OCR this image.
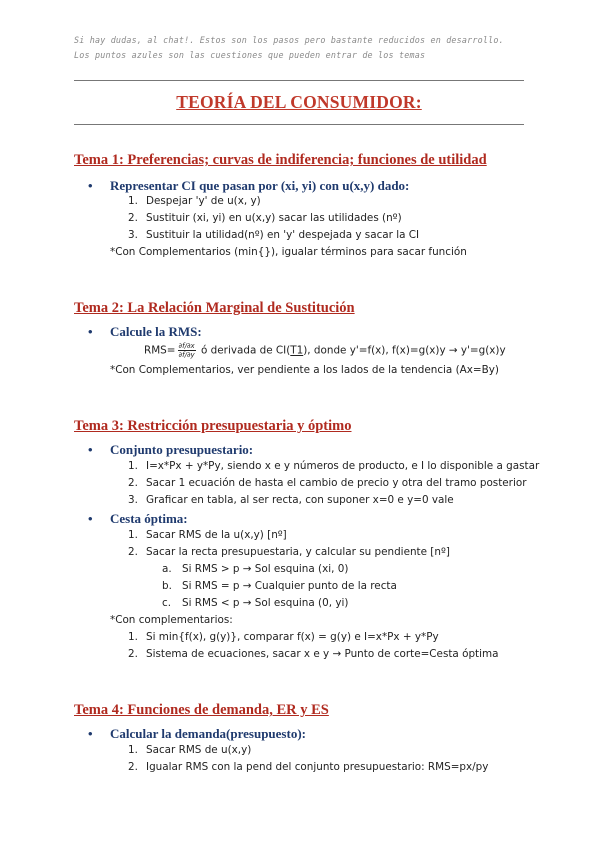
Si hay dudas, al chat!. Estos son los pasos pero bastante reducidos en desarrollo.
Los puntos azules son las cuestiones que pueden entrar de los temas
TEORÍA DEL CONSUMIDOR:
Tema 1: Preferencias; curvas de indiferencia; funciones de utilidad
• Representar CI que pasan por (xi, yi) con u(x,y) dado:
1. Despejar 'y' de u(x, y)
2. Sustituir (xi, yi) en u(x,y) sacar las utilidades (nº)
3. Sustituir la utilidad(nº) en 'y' despejada y sacar la CI
*Con Complementarios (min{}), igualar términos para sacar función
Tema 2: La Relación Marginal de Sustitución
• Calcule la RMS:
$RMS= \frac{\partial f/\partial x}{\partial f/\partial y}$ ó derivada de CI(T1), donde y'=f(x), f(x)=g(x)y → y'=g(x)y
*Con Complementarios, ver pendiente a los lados de la tendencia (Ax=By)
Tema 3: Restricción presupuestaria y óptimo
• Conjunto presupuestario:
1. I=x*Px + y*Py, siendo x e y números de producto, e I lo disponible a gastar
2. Sacar 1 ecuación de hasta el cambio de precio y otra del tramo posterior
3. Graficar en tabla, al ser recta, con suponer x=0 e y=0 vale
• Cesta óptima:
1. Sacar RMS de la u(x,y) [nº]
2. Sacar la recta presupuestaria, y calcular su pendiente [nº]
a. Si RMS > p → Sol esquina (xi, 0)
b. Si RMS = p → Cualquier punto de la recta
c. Si RMS < p → Sol esquina (0, yi)
*Con complementarios:
1. Si min{f(x), g(y)}, comparar f(x) = g(y) e I=x*Px + y*Py
2. Sistema de ecuaciones, sacar x e y → Punto de corte=Cesta óptima
Tema 4: Funciones de demanda, ER y ES
• Calcular la demanda(presupuesto):
1. Sacar RMS de u(x,y)
2. Igualar RMS con la pend del conjunto presupuestario: RMS=px/py
